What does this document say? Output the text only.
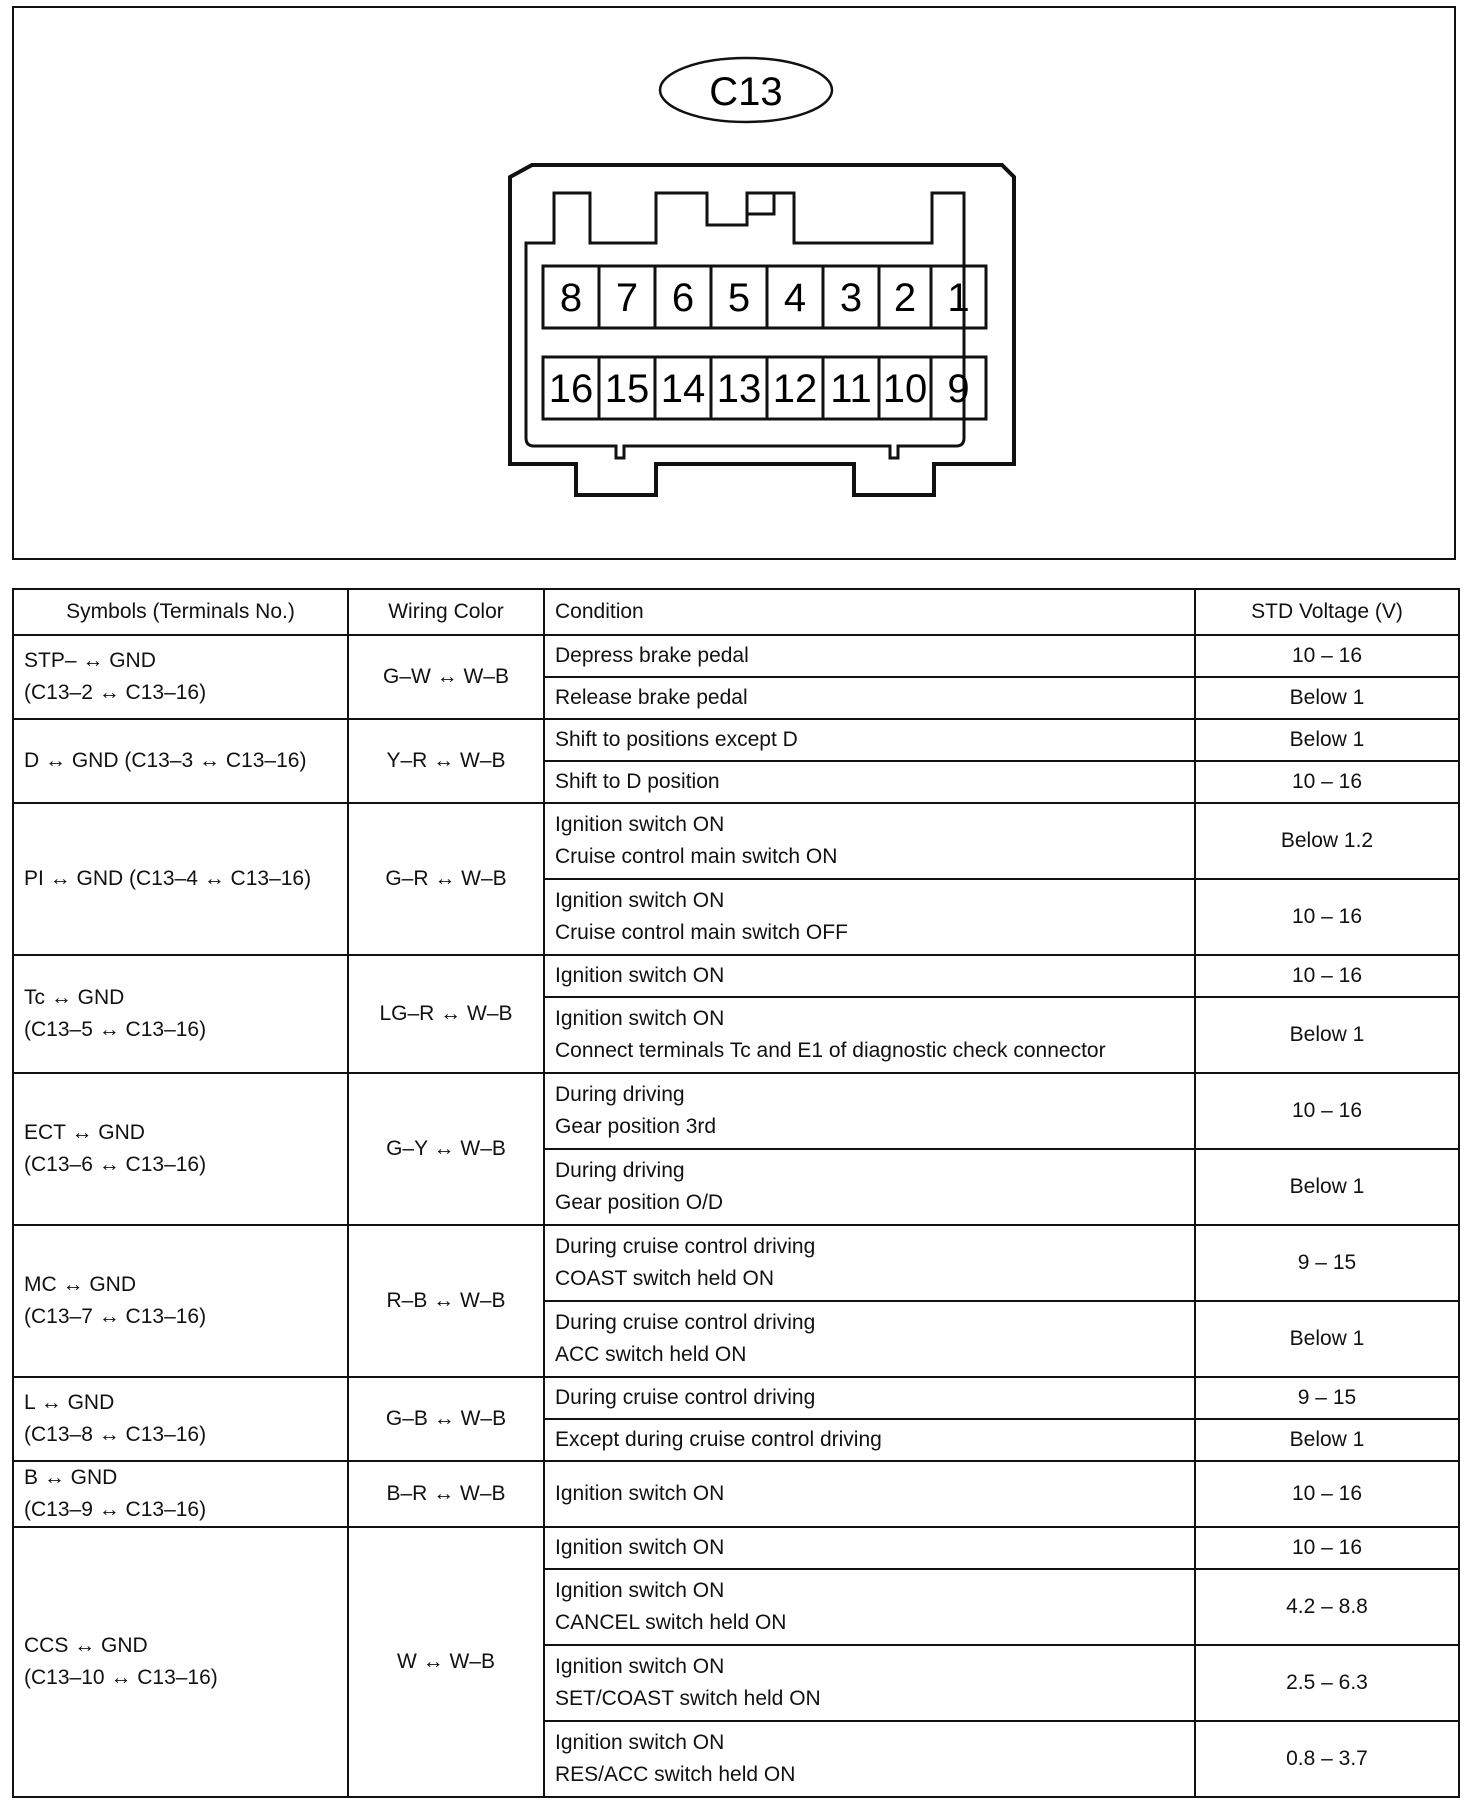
C13
8 7 6 5 4 3 2 1
16 15 14 13 12 11 10 9
Symbols (Terminals No.)	Wiring Color	Condition	STD Voltage (V)

STP– ↔ GND
(C13–2 ↔ C13–16)	G–W ↔ W–B	Depress brake pedal	10 – 16

		Release brake pedal	Below 1

D ↔ GND (C13–3 ↔ C13–16)	Y–R ↔ W–B	Shift to positions except D	Below 1

		Shift to D position	10 – 16

PI ↔ GND (C13–4 ↔ C13–16)	G–R ↔ W–B	Ignition switch ON
Cruise control main switch ON	Below 1.2

		Ignition switch ON
Cruise control main switch OFF	10 – 16

Tc ↔ GND
(C13–5 ↔ C13–16)	LG–R ↔ W–B	Ignition switch ON	10 – 16

		Ignition switch ON
Connect terminals Tc and E1 of diagnostic check connector	Below 1

ECT ↔ GND
(C13–6 ↔ C13–16)	G–Y ↔ W–B	During driving
Gear position 3rd	10 – 16

		During driving
Gear position O/D	Below 1

MC ↔ GND
(C13–7 ↔ C13–16)	R–B ↔ W–B	During cruise control driving
COAST switch held ON	9 – 15

		During cruise control driving
ACC switch held ON	Below 1

L ↔ GND
(C13–8 ↔ C13–16)	G–B ↔ W–B	During cruise control driving	9 – 15

		Except during cruise control driving	Below 1

B ↔ GND
(C13–9 ↔ C13–16)	B–R ↔ W–B	Ignition switch ON	10 – 16

CCS ↔ GND
(C13–10 ↔ C13–16)	W ↔ W–B	Ignition switch ON	10 – 16

		Ignition switch ON
CANCEL switch held ON	4.2 – 8.8

		Ignition switch ON
SET/COAST switch held ON	2.5 – 6.3

		Ignition switch ON
RES/ACC switch held ON	0.8 – 3.7
